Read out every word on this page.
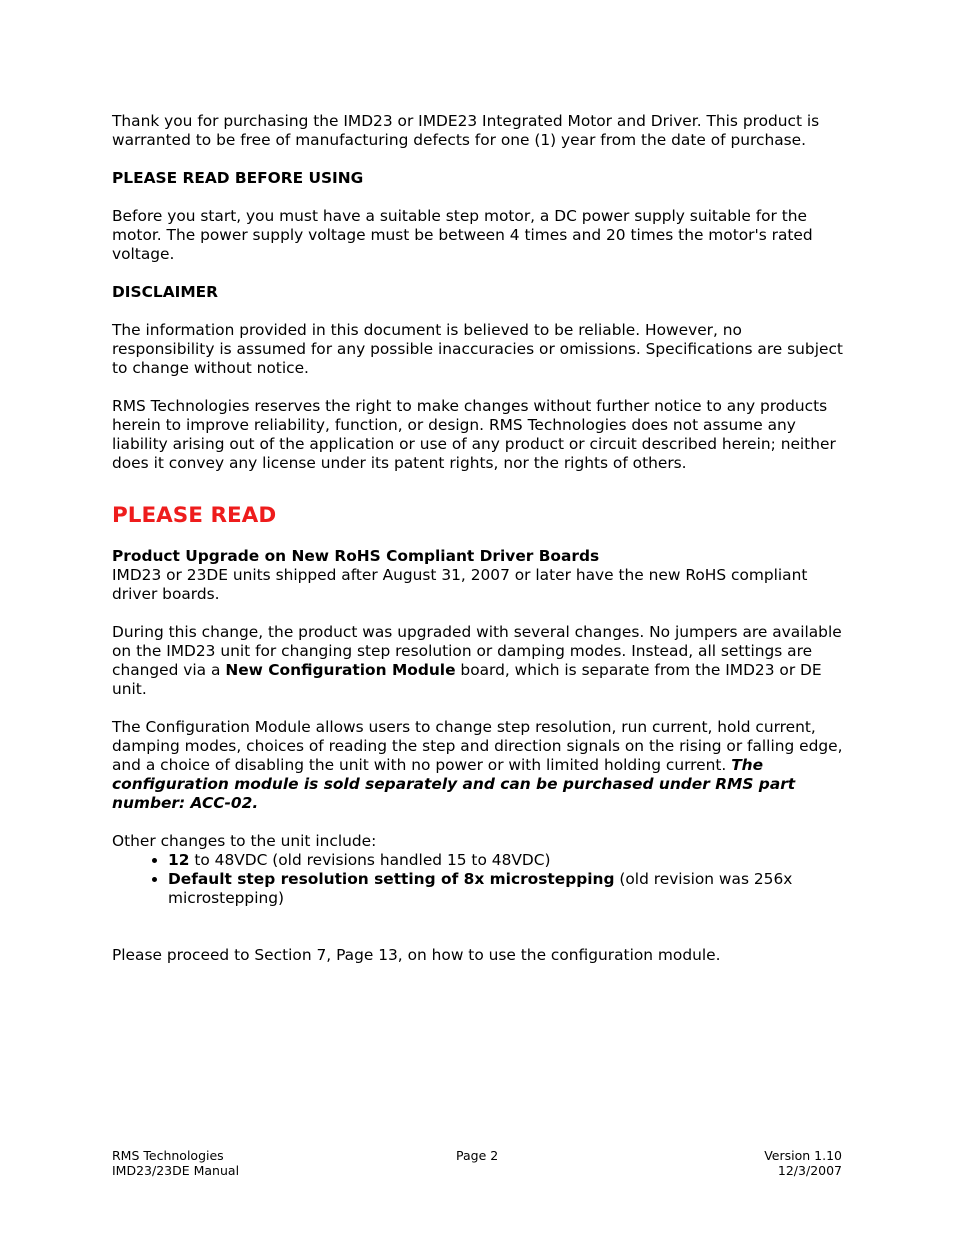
Thank you for purchasing the IMD23 or IMDE23 Integrated Motor and Driver. This product is warranted to be free of manufacturing defects for one (1) year from the date of purchase.

PLEASE READ BEFORE USING

Before you start, you must have a suitable step motor, a DC power supply suitable for the motor. The power supply voltage must be between 4 times and 20 times the motor's rated voltage.

DISCLAIMER

The information provided in this document is believed to be reliable. However, no responsibility is assumed for any possible inaccuracies or omissions. Specifications are subject to change without notice.

RMS Technologies reserves the right to make changes without further notice to any products herein to improve reliability, function, or design. RMS Technologies does not assume any liability arising out of the application or use of any product or circuit described herein; neither does it convey any license under its patent rights, nor the rights of others.

PLEASE READ
Product Upgrade on New RoHS Compliant Driver Boards

IMD23 or 23DE units shipped after August 31, 2007 or later have the new RoHS compliant driver boards.

During this change, the product was upgraded with several changes. No jumpers are available on the IMD23 unit for changing step resolution or damping modes. Instead, all settings are changed via a New Configuration Module board, which is separate from the IMD23 or DE unit.

The Configuration Module allows users to change step resolution, run current, hold current, damping modes, choices of reading the step and direction signals on the rising or falling edge, and a choice of disabling the unit with no power or with limited holding current. The configuration module is sold separately and can be purchased under RMS part number: ACC-02.

Other changes to the unit include:
• 12 to 48VDC (old revisions handled 15 to 48VDC)
• Default step resolution setting of 8x microstepping (old revision was 256x microstepping)

Please proceed to Section 7, Page 13, on how to use the configuration module.

RMS Technologies
IMD23/23DE Manual
Page 2	Version 1.10
12/3/2007
